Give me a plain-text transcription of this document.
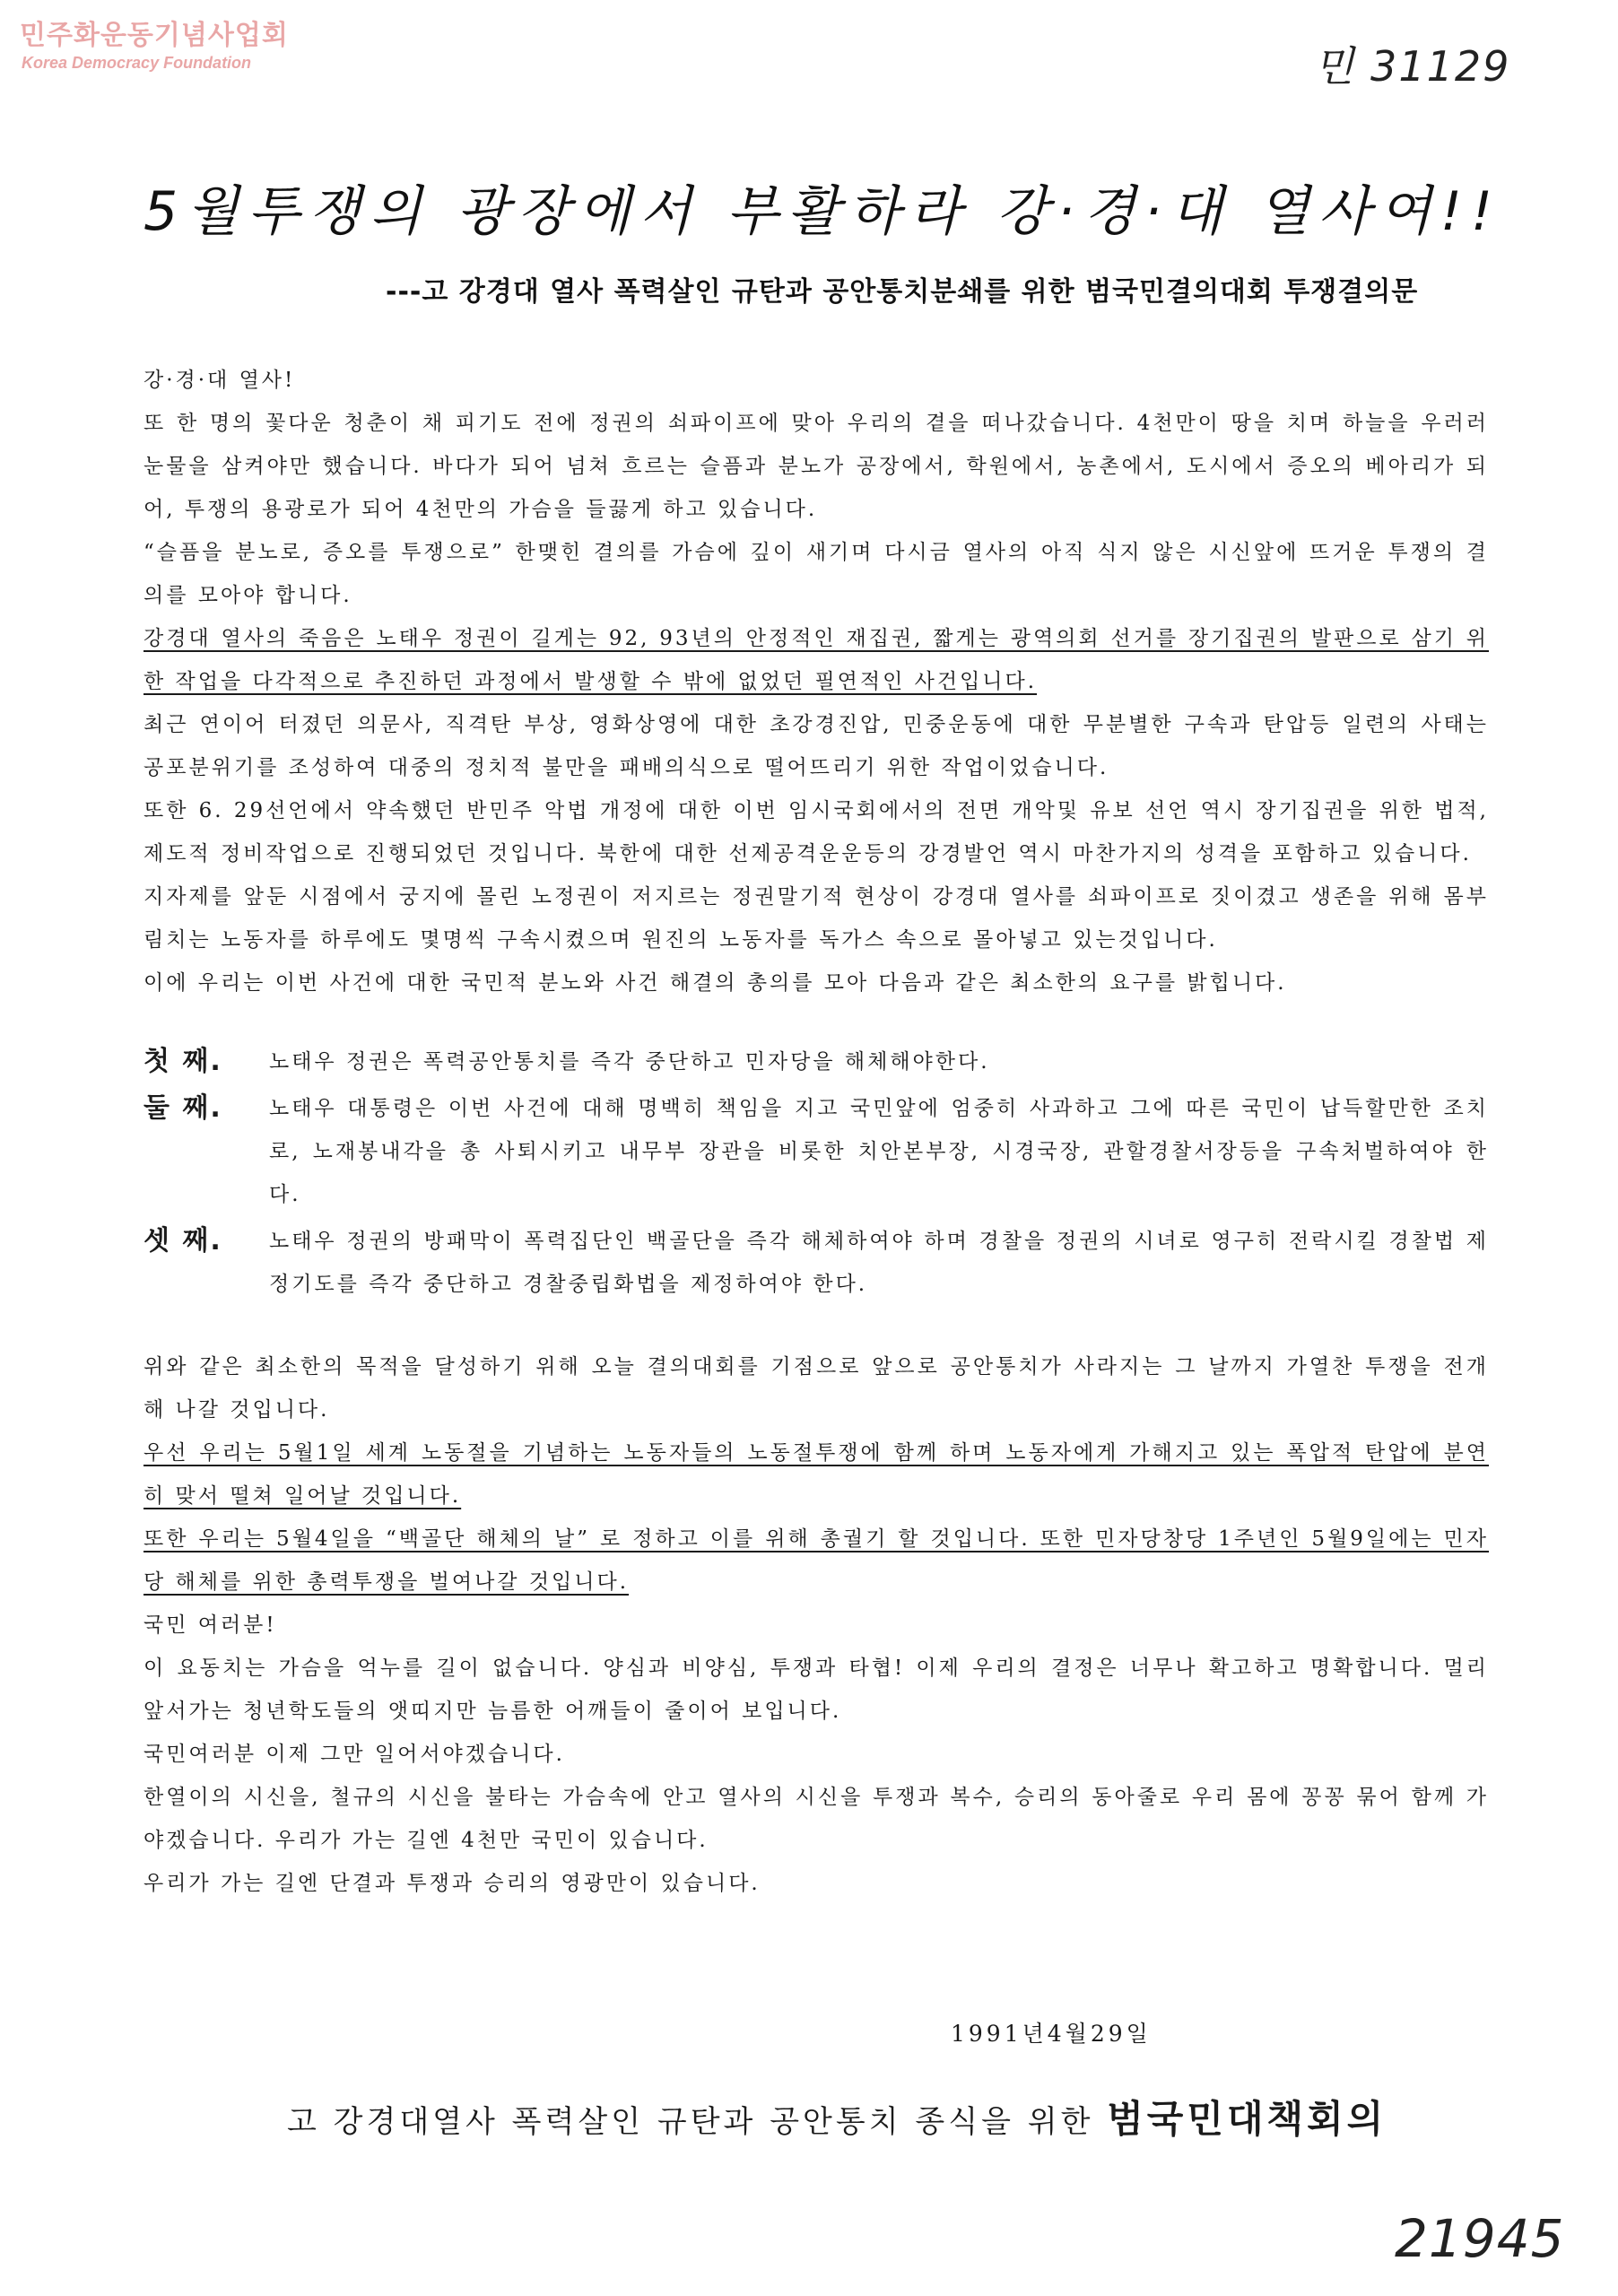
민주화운동기념사업회
Korea Democracy Foundation	민 31129
5월투쟁의 광장에서 부활하라 강·경·대 열사여!!
---고 강경대 열사 폭력살인 규탄과 공안통치분쇄를 위한 범국민결의대회 투쟁결의문

강·경·대 열사!

또 한 명의 꽃다운 청춘이 채 피기도 전에 정권의 쇠파이프에 맞아 우리의 곁을 떠나갔습니다. 4천만이 땅을 치며 하늘을 우러러 눈물을 삼켜야만 했습니다. 바다가 되어 넘쳐 흐르는 슬픔과 분노가 공장에서, 학원에서, 농촌에서, 도시에서 증오의 베아리가 되어, 투쟁의 용광로가 되어 4천만의 가슴을 들끓게 하고 있습니다.

“슬픔을 분노로, 증오를 투쟁으로” 한맺힌 결의를 가슴에 깊이 새기며 다시금 열사의 아직 식지 않은 시신앞에 뜨거운 투쟁의 결의를 모아야 합니다.

강경대 열사의 죽음은 노태우 정권이 길게는 92, 93년의 안정적인 재집권, 짧게는 광역의회 선거를 장기집권의 발판으로 삼기 위한 작업을 다각적으로 추진하던 과정에서 발생할 수 밖에 없었던 필연적인 사건입니다.

최근 연이어 터졌던 의문사, 직격탄 부상, 영화상영에 대한 초강경진압, 민중운동에 대한 무분별한 구속과 탄압등 일련의 사태는 공포분위기를 조성하여 대중의 정치적 불만을 패배의식으로 떨어뜨리기 위한 작업이었습니다.

또한 6. 29선언에서 약속했던 반민주 악법 개정에 대한 이번 임시국회에서의 전면 개악및 유보 선언 역시 장기집권을 위한 법적, 제도적 정비작업으로 진행되었던 것입니다. 북한에 대한 선제공격운운등의 강경발언 역시 마찬가지의 성격을 포함하고 있습니다.

지자제를 앞둔 시점에서 궁지에 몰린 노정권이 저지르는 정권말기적 현상이 강경대 열사를 쇠파이프로 짓이겼고 생존을 위해 몸부림치는 노동자를 하루에도 몇명씩 구속시켰으며 원진의 노동자를 독가스 속으로 몰아넣고 있는것입니다.

이에 우리는 이번 사건에 대한 국민적 분노와 사건 해결의 총의를 모아 다음과 같은 최소한의 요구를 밝힙니다.

첫 째.	노태우 정권은 폭력공안통치를 즉각 중단하고 민자당을 해체해야한다.
둘 째.	노태우 대통령은 이번 사건에 대해 명백히 책임을 지고 국민앞에 엄중히 사과하고 그에 따른 국민이 납득할만한 조치로, 노재봉내각을 총 사퇴시키고 내무부 장관을 비롯한 치안본부장, 시경국장, 관할경찰서장등을 구속처벌하여야 한다.
셋 째.	노태우 정권의 방패막이 폭력집단인 백골단을 즉각 해체하여야 하며 경찰을 정권의 시녀로 영구히 전락시킬 경찰법 제정기도를 즉각 중단하고 경찰중립화법을 제정하여야 한다.

위와 같은 최소한의 목적을 달성하기 위해 오늘 결의대회를 기점으로 앞으로 공안통치가 사라지는 그 날까지 가열찬 투쟁을 전개해 나갈 것입니다.

우선 우리는 5월1일 세계 노동절을 기념하는 노동자들의 노동절투쟁에 함께 하며 노동자에게 가해지고 있는 폭압적 탄압에 분연히 맞서 떨쳐 일어날 것입니다.

또한 우리는 5월4일을 “백골단 해체의 날” 로 정하고 이를 위해 총궐기 할 것입니다. 또한 민자당창당 1주년인 5월9일에는 민자당 해체를 위한 총력투쟁을 벌여나갈 것입니다.

국민 여러분!

이 요동치는 가슴을 억누를 길이 없습니다. 양심과 비양심, 투쟁과 타협! 이제 우리의 결정은 너무나 확고하고 명확합니다. 멀리 앞서가는 청년학도들의 앳띠지만 늠름한 어깨들이 줄이어 보입니다.

국민여러분 이제 그만 일어서야겠습니다.

한열이의 시신을, 철규의 시신을 불타는 가슴속에 안고 열사의 시신을 투쟁과 복수, 승리의 동아줄로 우리 몸에 꽁꽁 묶어 함께 가야겠습니다. 우리가 가는 길엔 4천만 국민이 있습니다.

우리가 가는 길엔 단결과 투쟁과 승리의 영광만이 있습니다.

1991년4월29일
고 강경대열사 폭력살인 규탄과 공안통치 종식을 위한 범국민대책회의
21945
